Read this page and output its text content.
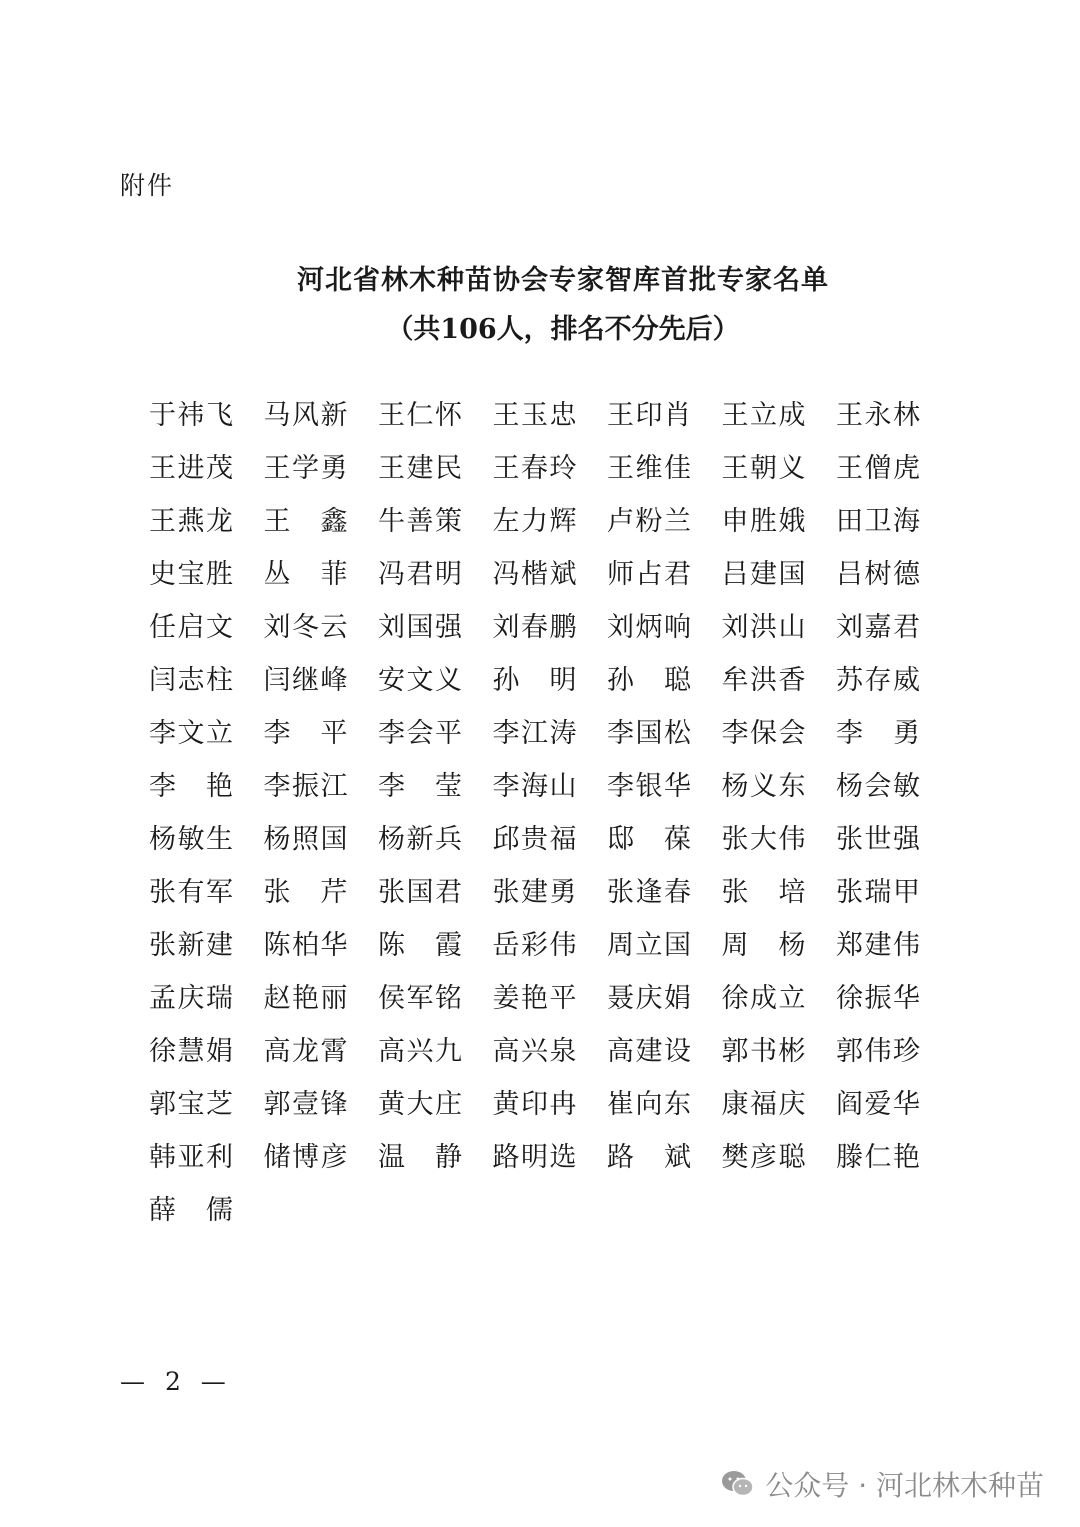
附件
河北省林木种苗协会专家智库首批专家名单
（共106人，排名不分先后）
于祎飞 马风新 王仁怀 王玉忠 王印肖 王立成 王永林
王进茂 王学勇 王建民 王春玲 王维佳 王朝义 王僧虎
王燕龙 王鑫 牛善策 左力辉 卢粉兰 申胜娥 田卫海
史宝胜 丛菲 冯君明 冯楷斌 师占君 吕建国 吕树德
任启文 刘冬云 刘国强 刘春鹏 刘炳响 刘洪山 刘嘉君
闫志柱 闫继峰 安文义 孙明 孙聪 牟洪香 苏存威
李文立 李平 李会平 李江涛 李国松 李保会 李勇
李艳 李振江 李莹 李海山 李银华 杨义东 杨会敏
杨敏生 杨照国 杨新兵 邱贵福 邸葆 张大伟 张世强
张有军 张芹 张国君 张建勇 张逢春 张培 张瑞甲
张新建 陈柏华 陈霞 岳彩伟 周立国 周杨 郑建伟
孟庆瑞 赵艳丽 侯军铭 姜艳平 聂庆娟 徐成立 徐振华
徐慧娟 高龙霄 高兴九 高兴泉 高建设 郭书彬 郭伟珍
郭宝芝 郭壹锋 黄大庄 黄印冉 崔向东 康福庆 阎爱华
韩亚利 储博彦 温静 路明选 路斌 樊彦聪 滕仁艳
薛儒
— 2 —
公众号 · 河北林木种苗
